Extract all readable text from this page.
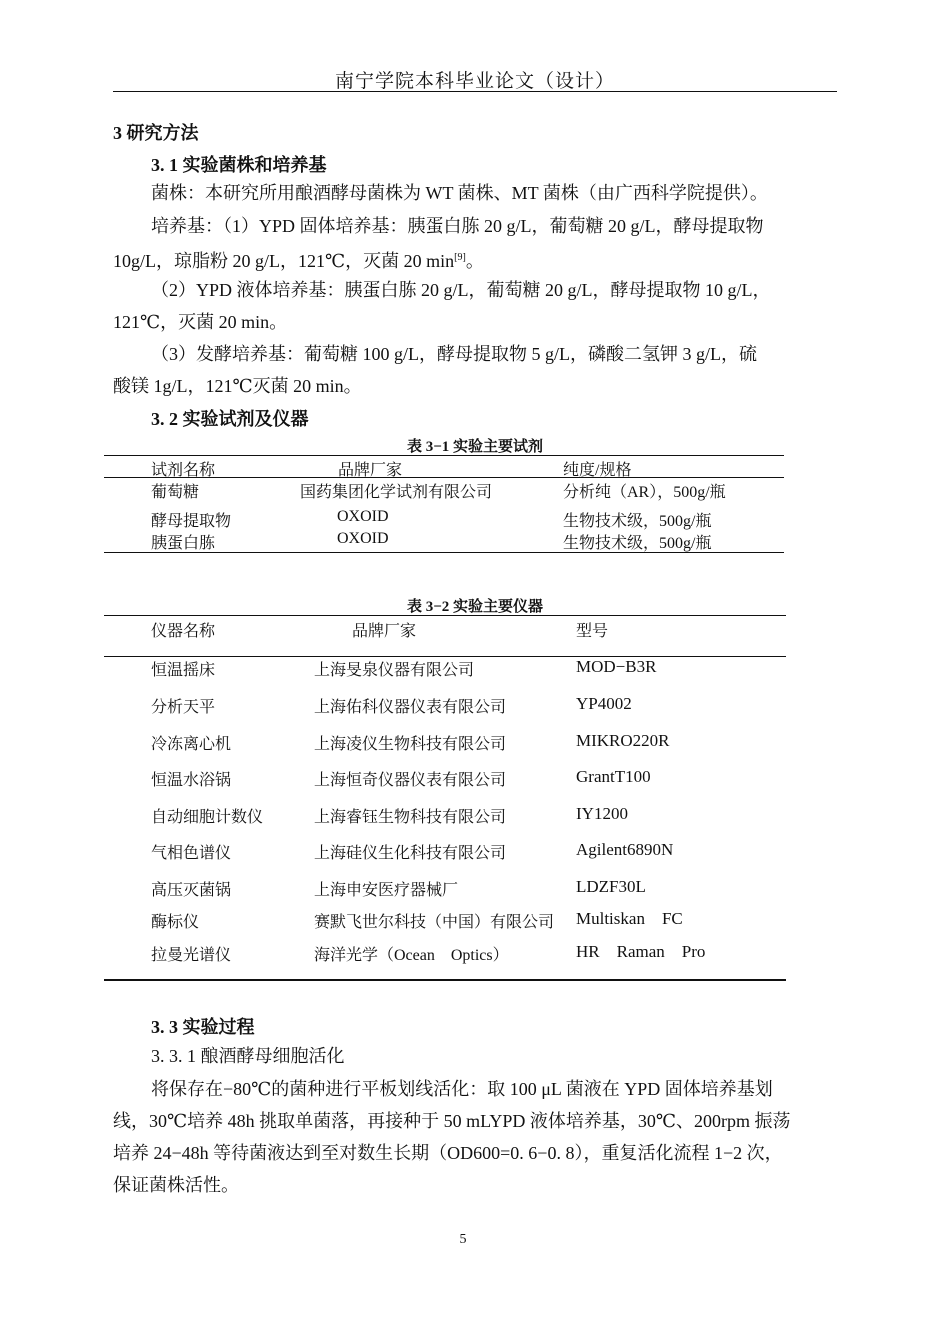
南宁学院本科毕业论文（设计）
3 研究方法
3. 1 实验菌株和培养基
菌株：本研究所用酿酒酵母菌株为 WT 菌株、MT 菌株（由广西科学院提供）。
培养基：（1）YPD 固体培养基：胰蛋白胨 20 g/L，葡萄糖 20 g/L，酵母提取物
10g/L，琼脂粉 20 g/L，121℃，灭菌 20 min[9]。
（2）YPD 液体培养基：胰蛋白胨 20 g/L，葡萄糖 20 g/L，酵母提取物 10 g/L，
121℃，灭菌 20 min。
（3）发酵培养基：葡萄糖 100 g/L，酵母提取物 5 g/L，磷酸二氢钾 3 g/L，硫
酸镁 1g/L，121℃灭菌 20 min。
3. 2 实验试剂及仪器
表 3−1 实验主要试剂
试剂名称	品牌厂家	纯度/规格
葡萄糖	国药集团化学试剂有限公司	分析纯（AR），500g/瓶
酵母提取物	OXOID	生物技术级，500g/瓶
胰蛋白胨	OXOID	生物技术级，500g/瓶
表 3−2 实验主要仪器
仪器名称	品牌厂家	型号
恒温摇床	上海旻泉仪器有限公司	MOD−B3R
分析天平	上海佑科仪器仪表有限公司	YP4002
冷冻离心机	上海凌仪生物科技有限公司	MIKRO220R
恒温水浴锅	上海恒奇仪器仪表有限公司	GrantT100
自动细胞计数仪	上海睿钰生物科技有限公司	IY1200
气相色谱仪	上海硅仪生化科技有限公司	Agilent6890N
高压灭菌锅	上海申安医疗器械厂	LDZF30L
酶标仪	赛默飞世尔科技（中国）有限公司 Multiskan    FC
拉曼光谱仪	海洋光学（Ocean    Optics）	HR    Raman    Pro
3. 3 实验过程
3. 3. 1 酿酒酵母细胞活化
将保存在−80℃的菌种进行平板划线活化：取 100 μL 菌液在 YPD 固体培养基划
线，30℃培养 48h 挑取单菌落，再接种于 50 mLYPD 液体培养基，30℃、200rpm 振荡
培养 24−48h 等待菌液达到至对数生长期（OD600=0. 6−0. 8），重复活化流程 1−2 次，
保证菌株活性。
5
